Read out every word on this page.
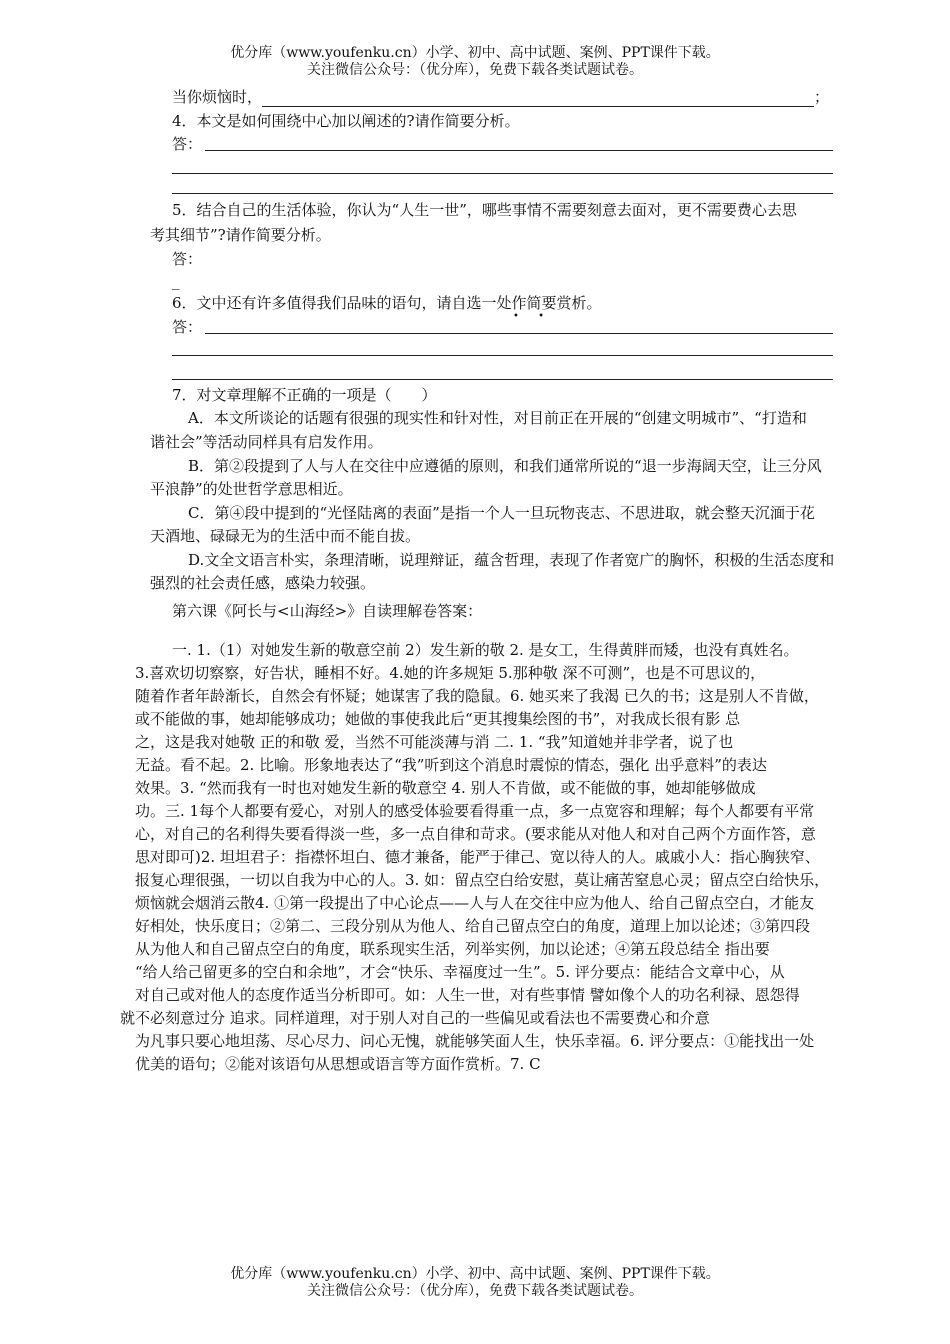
优分库（www.youfenku.cn）小学、初中、高中试题、案例、PPT课件下载。
关注微信公众号：（优分库），免费下载各类试题试卷。
当你烦恼时，	；
4．本文是如何围绕中心加以阐述的?请作简要分析。
答：
5．结合自己的生活体验，你认为“人生一世”，哪些事情不需要刻意去面对，更不需要费心去思
考其细节”?请作简要分析。
答：
_
6．文中还有许多值得我们品味的语句，请自选一处作简要赏析。
• •
答：
7．对文章理解不正确的一项是（　　）
A．本文所谈论的话题有很强的现实性和针对性，对目前正在开展的“创建文明城市”、“打造和
谐社会”等活动同样具有启发作用。
B．第②段提到了人与人在交往中应遵循的原则，和我们通常所说的“退一步海阔天空，让三分风
平浪静”的处世哲学意思相近。
C．第④段中提到的“光怪陆离的表面”是指一个人一旦玩物丧志、不思进取，就会整天沉湎于花
天酒地、碌碌无为的生活中而不能自拔。
D.文全文语言朴实，条理清晰，说理辩证，蕴含哲理，表现了作者宽广的胸怀，积极的生活态度和
强烈的社会责任感，感染力较强。
第六课《阿长与<山海经>》自读理解卷答案：
一. 1.（1）对她发生新的敬意空前 2）发生新的敬 2. 是女工，生得黄胖而矮，也没有真姓名。
3.喜欢切切察察，好告状，睡相不好。4.她的许多规矩 5.那种敬 深不可测”，也是不可思议的，
随着作者年龄渐长，自然会有怀疑；她谋害了我的隐鼠。6. 她买来了我渴 已久的书；这是别人不肯做，
或不能做的事，她却能够成功；她做的事使我此后“更其搜集绘图的书”，对我成长很有影 总
之，这是我对她敬 正的和敬 爱，当然不可能淡薄与消 二. 1. “我”知道她并非学者，说了也
无益。看不起。2. 比喻。形象地表达了“我”听到这个消息时震惊的情态，强化 出乎意料”的表达
效果。3. “然而我有一时也对她发生新的敬意空 4. 别人不肯做，或不能做的事，她却能够做成
功。三. 1每个人都要有爱心，对别人的感受体验要看得重一点，多一点宽容和理解；每个人都要有平常
心，对自己的名利得失要看得淡一些，多一点自律和苛求。(要求能从对他人和对自己两个方面作答，意
思对即可)2. 坦坦君子：指襟怀坦白、德才兼备，能严于律己、宽以待人的人。戚戚小人：指心胸狭窄、
报复心理很强，一切以自我为中心的人。3. 如：留点空白给安慰，莫让痛苦窒息心灵；留点空白给快乐，
烦恼就会烟消云散4. ①第一段提出了中心论点——人与人在交往中应为他人、给自己留点空白，才能友
好相处，快乐度日；②第二、三段分别从为他人、给自己留点空白的角度，道理上加以论述；③第四段
从为他人和自己留点空白的角度，联系现实生活，列举实例，加以论述；④第五段总结全 指出要
“给人给己留更多的空白和余地”，才会“快乐、幸福度过一生”。5. 评分要点：能结合文章中心，从
对自己或对他人的态度作适当分析即可。如：人生一世，对有些事情 譬如像个人的功名利禄、恩怨得
就不必刻意过分 追求。同样道理，对于别人对自己的一些偏见或看法也不需要费心和介意
为凡事只要心地坦荡、尽心尽力、问心无愧，就能够笑面人生，快乐幸福。6. 评分要点：①能找出一处
优美的语句；②能对该语句从思想或语言等方面作赏析。7. C
优分库（www.youfenku.cn）小学、初中、高中试题、案例、PPT课件下载。
关注微信公众号：（优分库），免费下载各类试题试卷。
